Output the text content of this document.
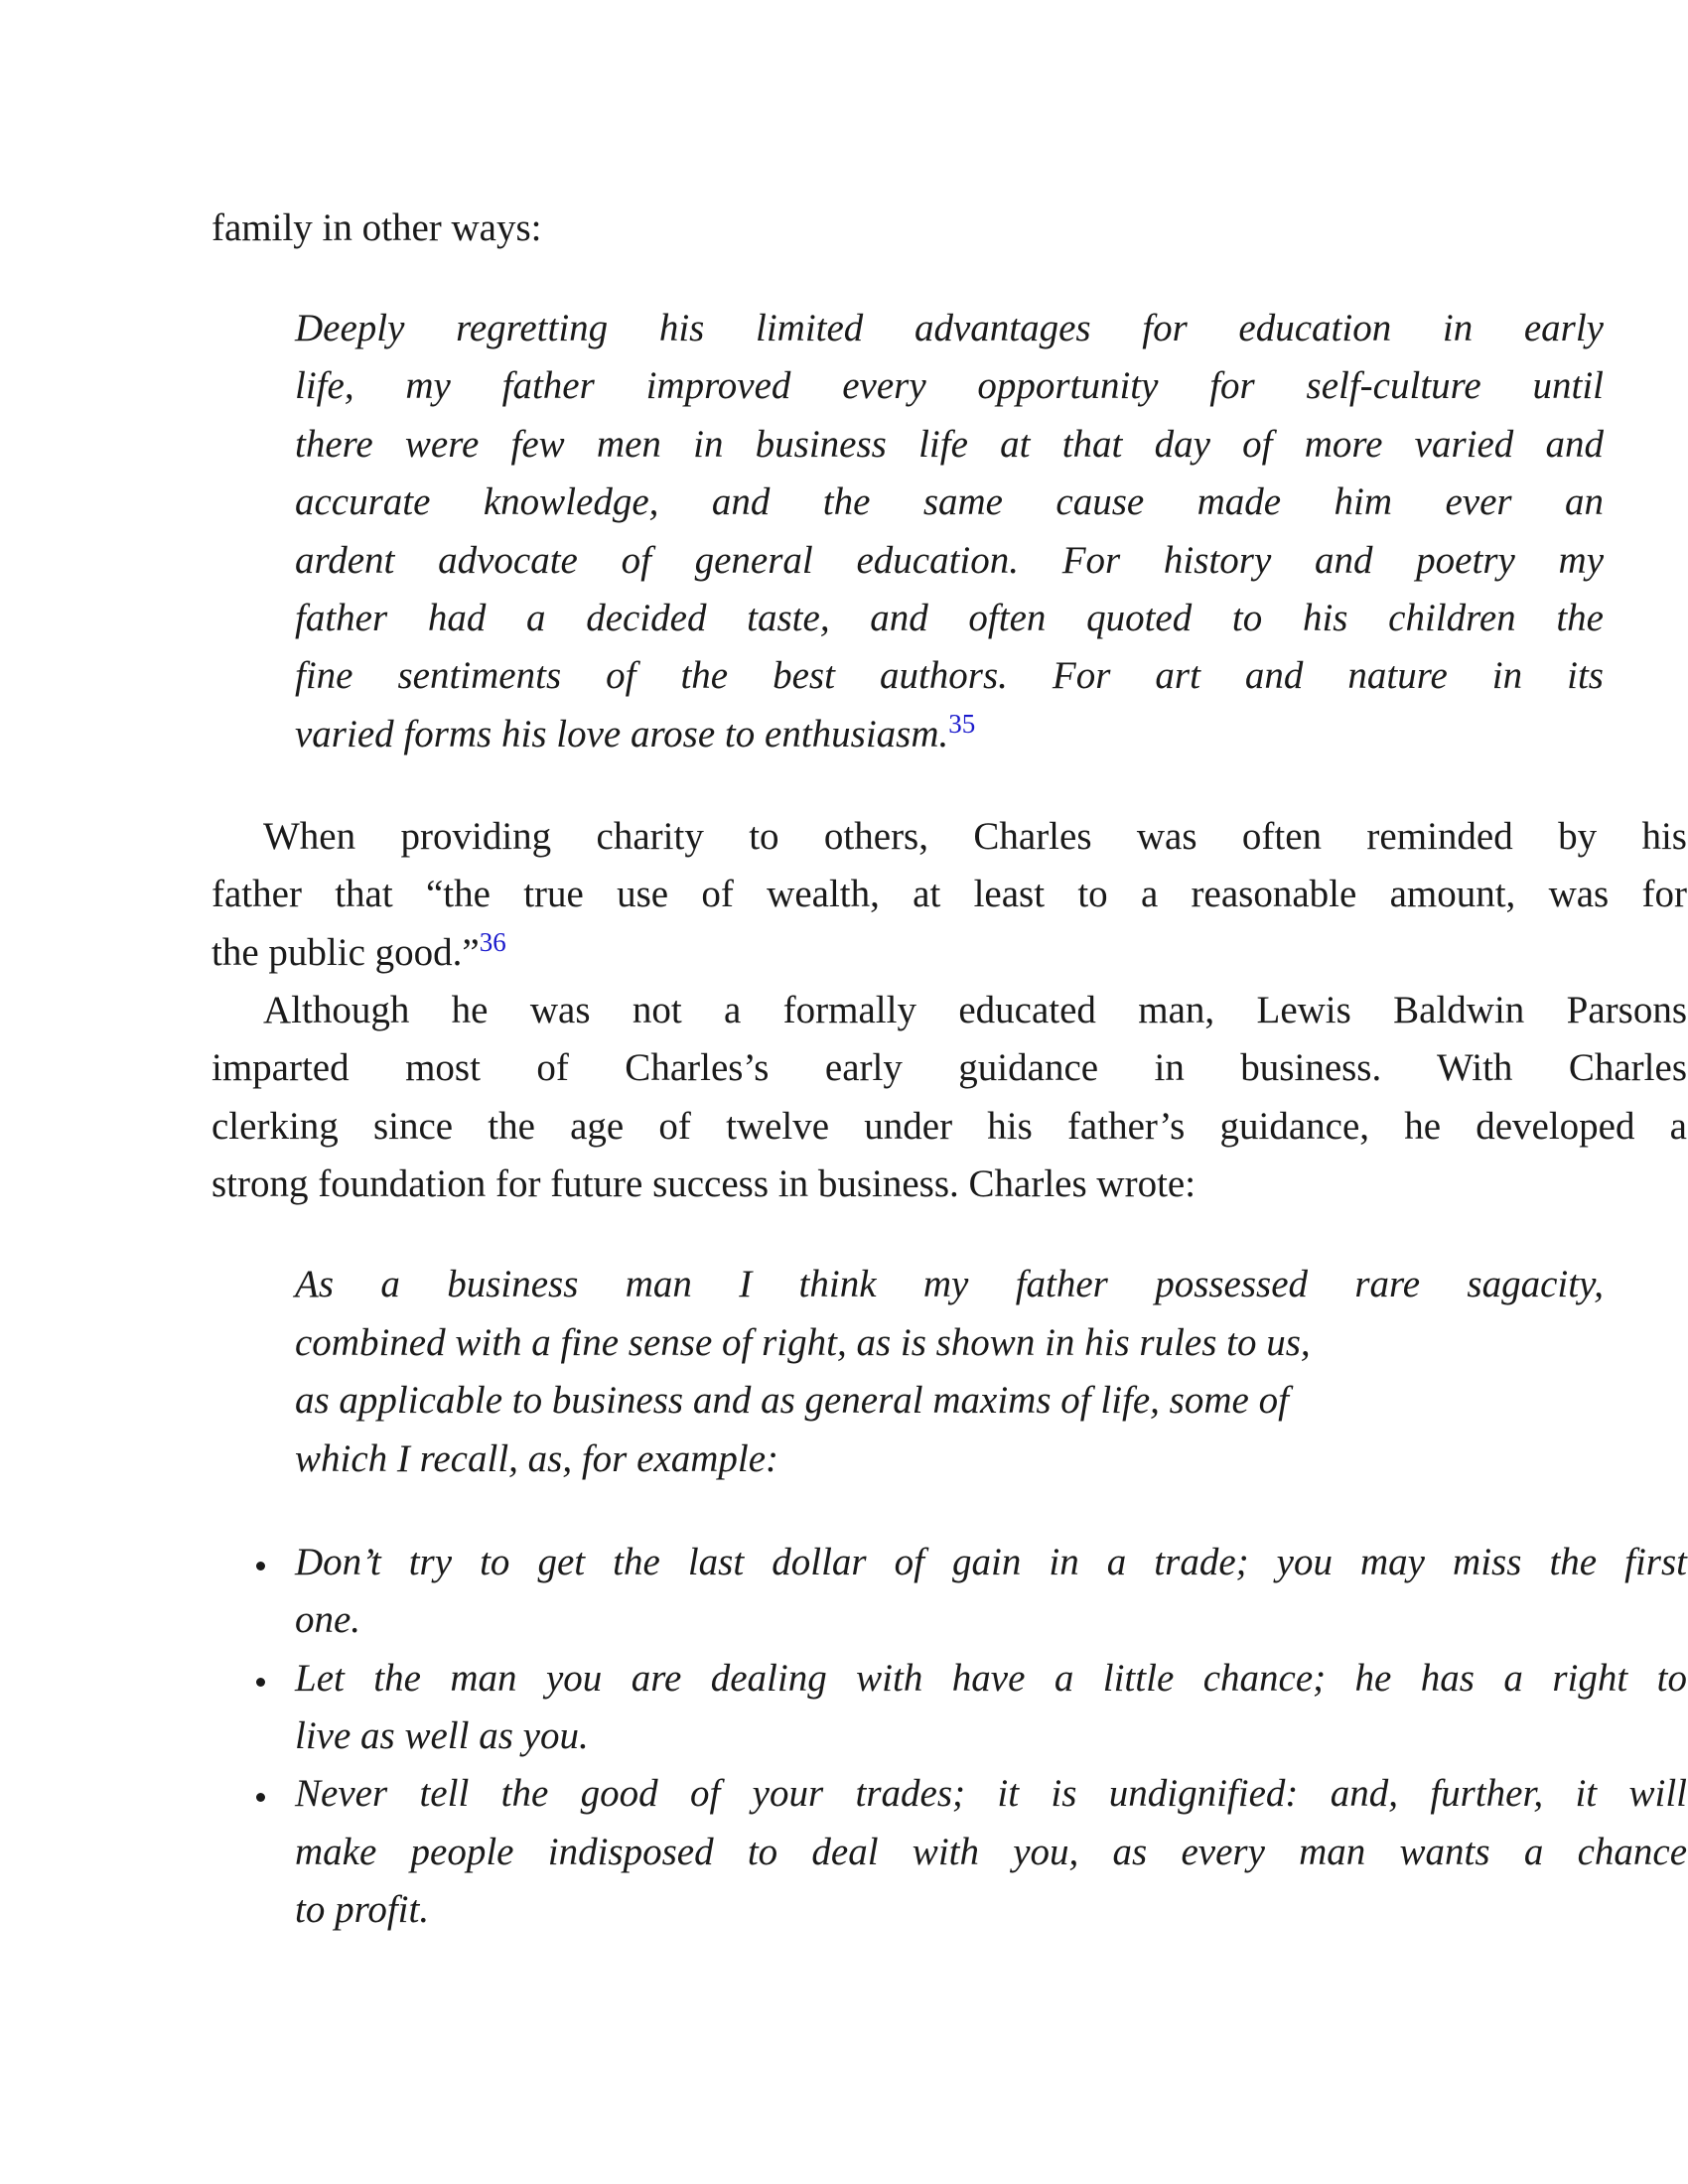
family in other ways:
Deeply regretting his limited advantages for education in early
life, my father improved every opportunity for self-culture until
there were few men in business life at that day of more varied and
accurate knowledge, and the same cause made him ever an
ardent advocate of general education. For history and poetry my
father had a decided taste, and often quoted to his children the
fine sentiments of the best authors. For art and nature in its
varied forms his love arose to enthusiasm.$^{35}$
When providing charity to others, Charles was often reminded by his
father that “the true use of wealth, at least to a reasonable amount, was for
the public good.”$^{36}$
Although he was not a formally educated man, Lewis Baldwin Parsons
imparted most of Charles’s early guidance in business. With Charles
clerking since the age of twelve under his father’s guidance, he developed a
strong foundation for future success in business. Charles wrote:
As a business man I think my father possessed rare sagacity,
combined with a fine sense of right, as is shown in his rules to us,
as applicable to business and as general maxims of life, some of
which I recall, as, for example:
Don’t try to get the last dollar of gain in a trade; you may miss the first
one.
Let the man you are dealing with have a little chance; he has a right to
live as well as you.
Never tell the good of your trades; it is undignified: and, further, it will
make people indisposed to deal with you, as every man wants a chance
to profit.
